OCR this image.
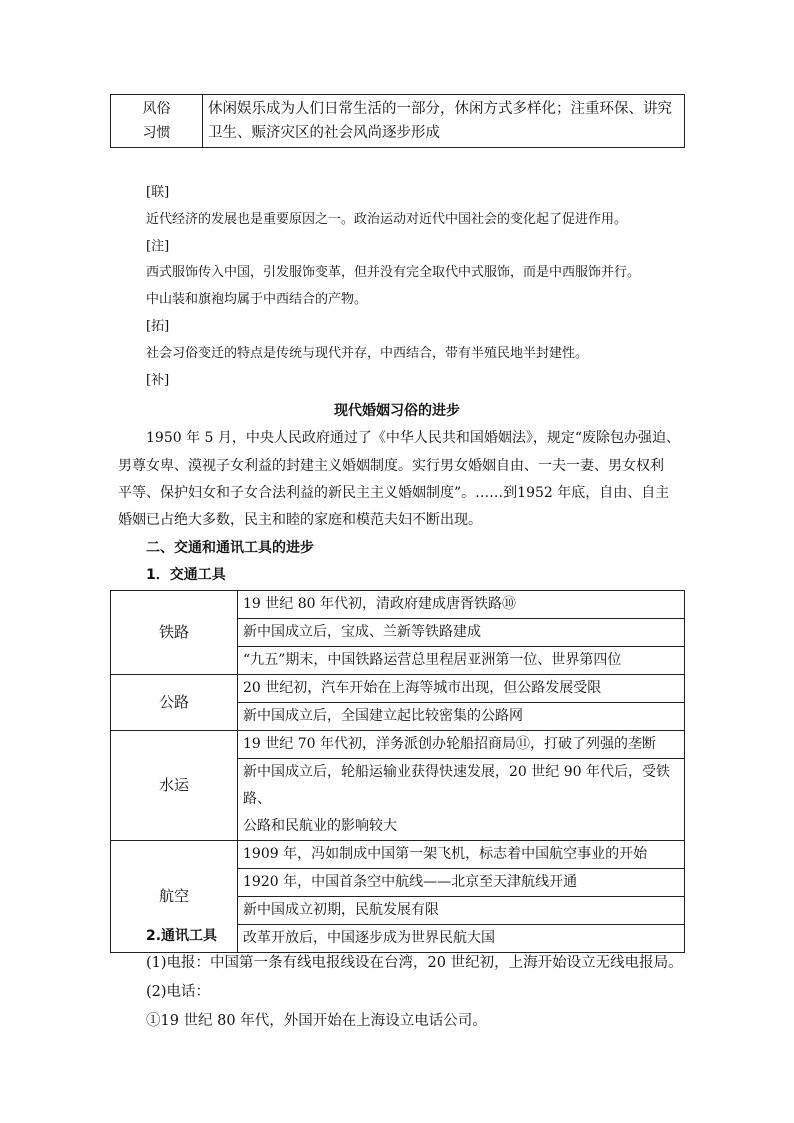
风俗
习惯	休闲娱乐成为人们日常生活的一部分，休闲方式多样化；注重环保、讲究卫生、赈济灾区的社会风尚逐步形成
[联]
近代经济的发展也是重要原因之一。政治运动对近代中国社会的变化起了促进作用。
[注]
西式服饰传入中国，引发服饰变革，但并没有完全取代中式服饰，而是中西服饰并行。
中山装和旗袍均属于中西结合的产物。
[拓]
社会习俗变迁的特点是传统与现代并存，中西结合，带有半殖民地半封建性。
[补]
现代婚姻习俗的进步
1950 年 5 月，中央人民政府通过了《中华人民共和国婚姻法》，规定“废除包办强迫、
男尊女卑、漠视子女利益的封建主义婚姻制度。实行男女婚姻自由、一夫一妻、男女权利
平等、保护妇女和子女合法利益的新民主主义婚姻制度”。……到1952 年底，自由、自主
婚姻已占绝大多数，民主和睦的家庭和模范夫妇不断出现。
二、交通和通讯工具的进步
1．交通工具
铁路	19 世纪 80 年代初，清政府建成唐胥铁路⑩
	新中国成立后，宝成、兰新等铁路建成
	“九五”期末，中国铁路运营总里程居亚洲第一位、世界第四位
公路	20 世纪初，汽车开始在上海等城市出现，但公路发展受限
	新中国成立后，全国建立起比较密集的公路网
水运	19 世纪 70 年代初，洋务派创办轮船招商局⑪，打破了列强的垄断
	新中国成立后，轮船运输业获得快速发展，20 世纪 90 年代后，受铁路、
公路和民航业的影响较大
航空	1909 年，冯如制成中国第一架飞机，标志着中国航空事业的开始
	1920 年，中国首条空中航线——北京至天津航线开通
	新中国成立初期，民航发展有限
	改革开放后，中国逐步成为世界民航大国
2.通讯工具
(1)电报：中国第一条有线电报线设在台湾，20 世纪初，上海开始设立无线电报局。
(2)电话：
①19 世纪 80 年代，外国开始在上海设立电话公司。
